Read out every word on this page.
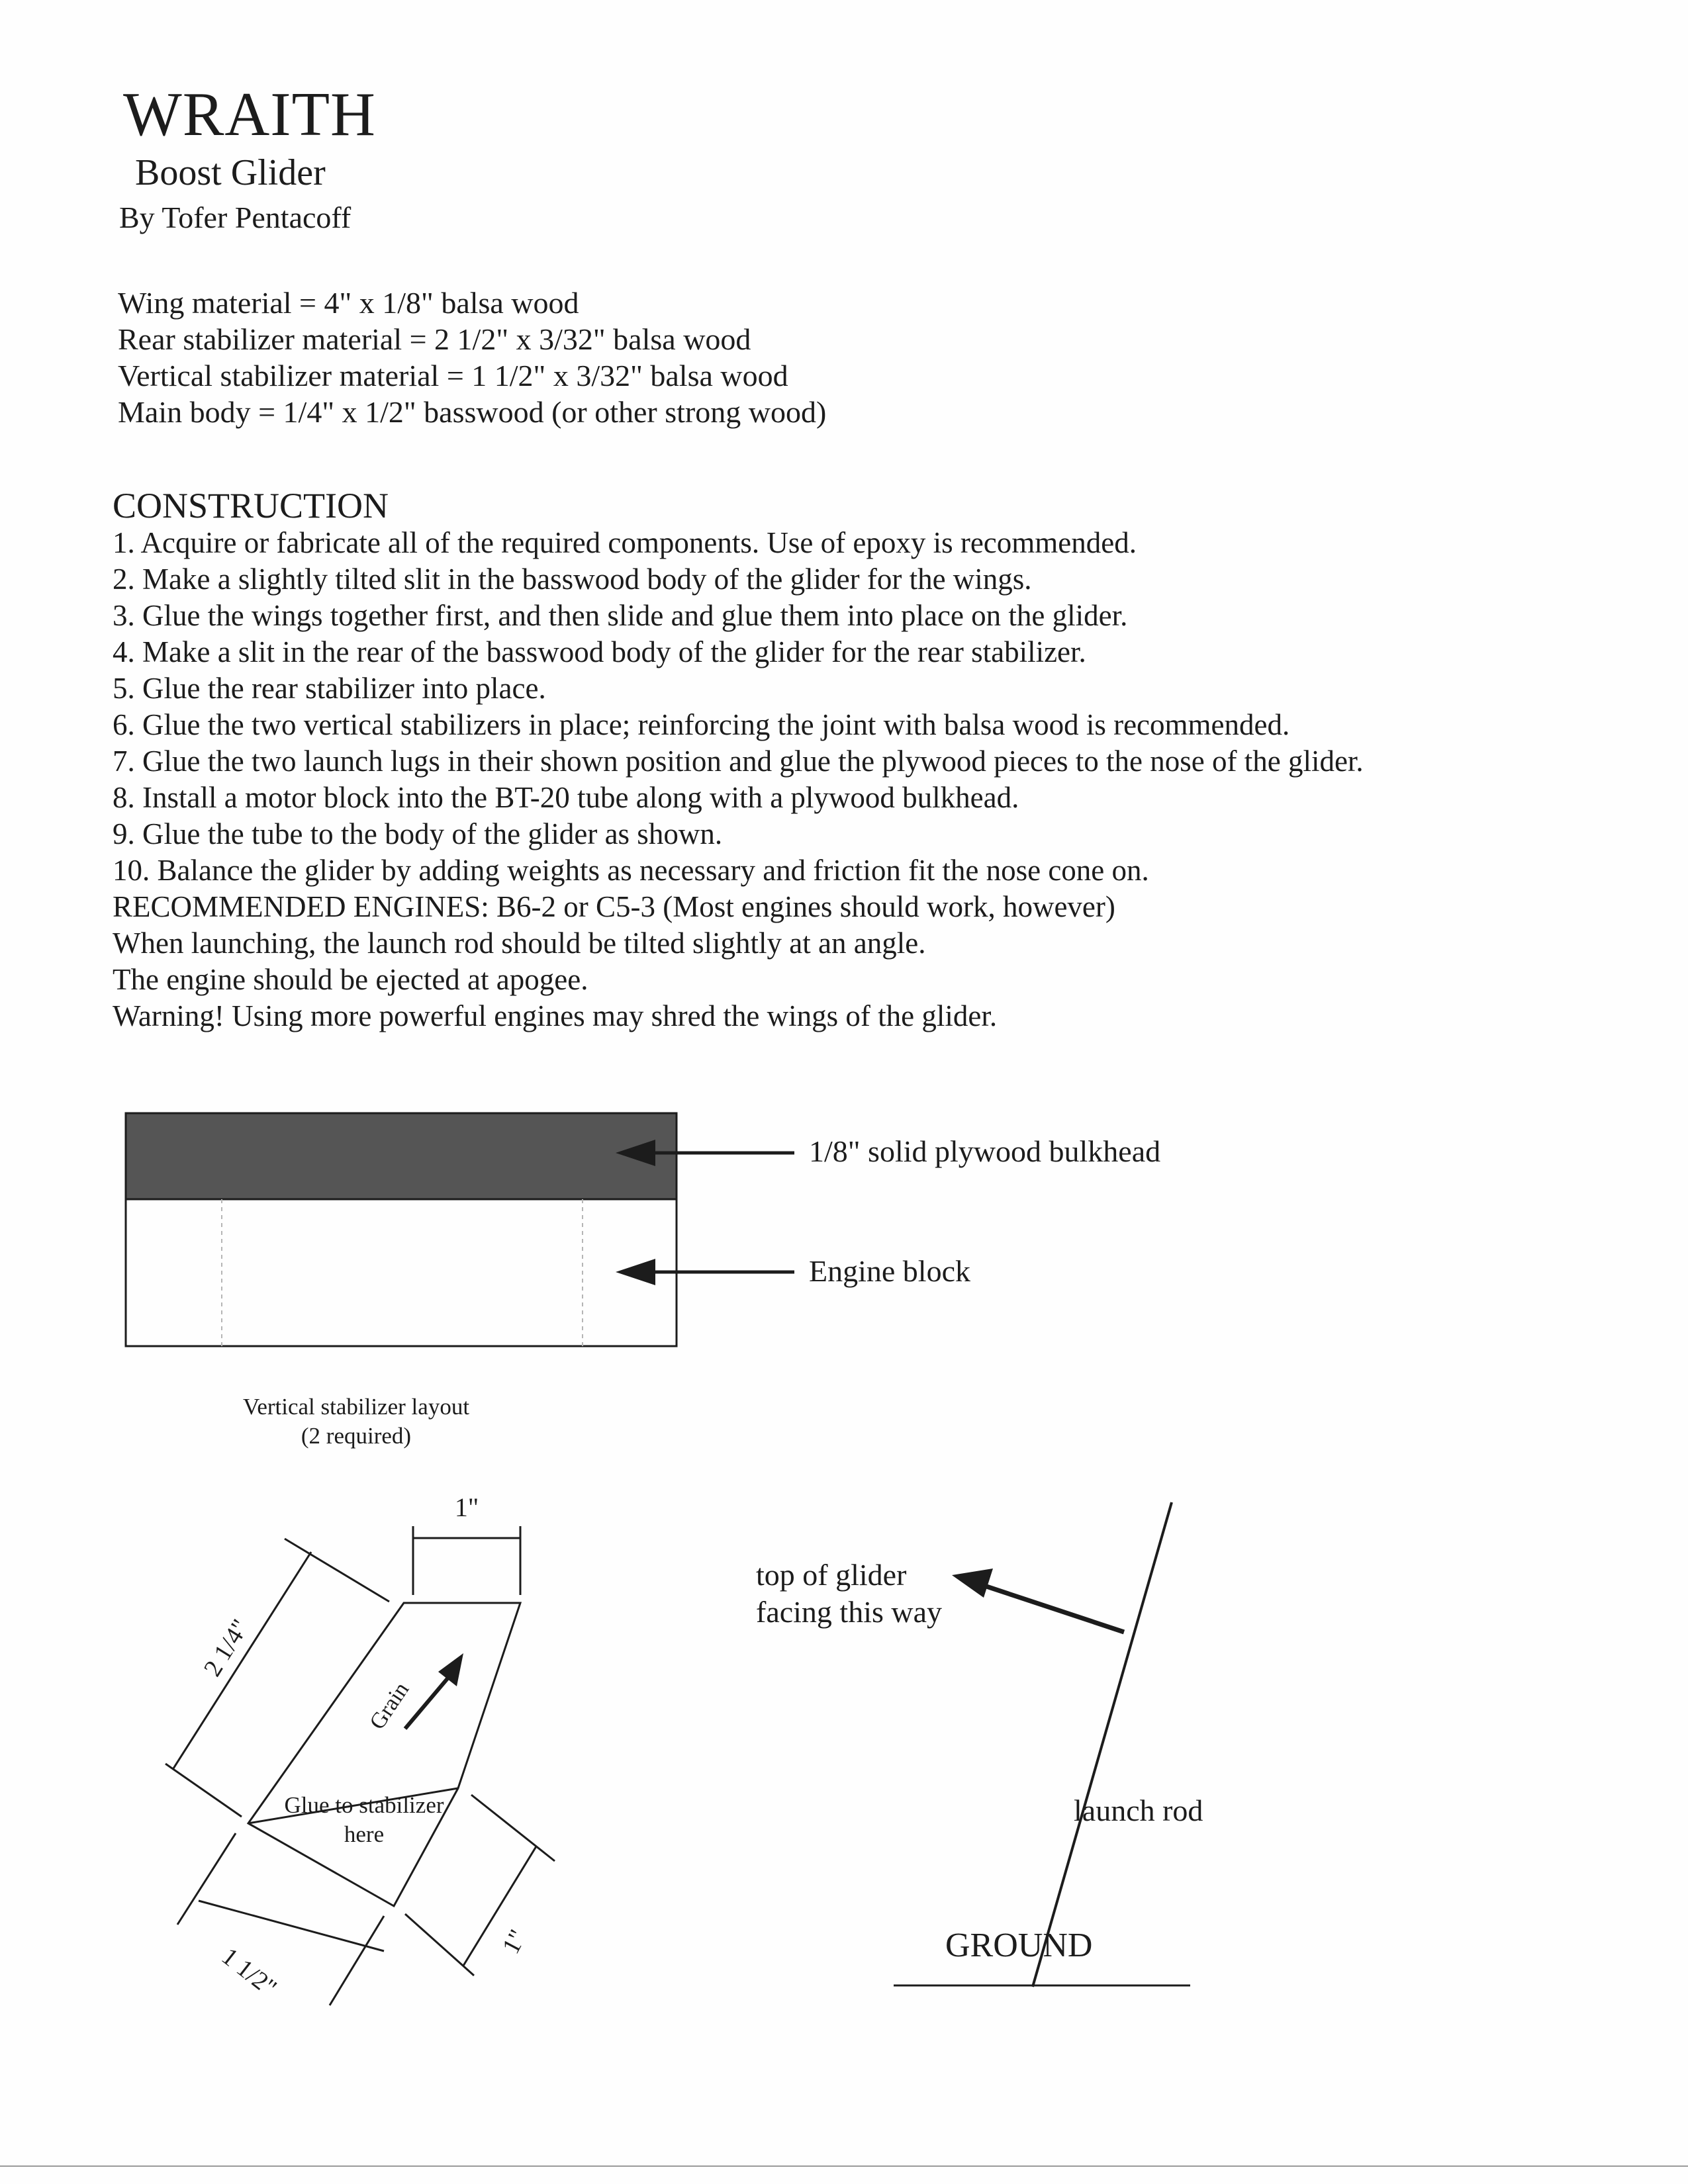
WRAITH
Boost Glider
By Tofer Pentacoff
Wing material = 4" x 1/8" balsa wood
Rear stabilizer material = 2 1/2" x 3/32" balsa wood
Vertical stabilizer material = 1 1/2" x 3/32" balsa wood
Main body = 1/4" x 1/2" basswood (or other strong wood)
CONSTRUCTION
1. Acquire or fabricate all of the required components. Use of epoxy is recommended.
2. Make a slightly tilted slit in the basswood body of the glider for the wings.
3. Glue the wings together first, and then slide and glue them into place on the glider.
4. Make a slit in the rear of the basswood body of the glider for the rear stabilizer.
5. Glue the rear stabilizer into place.
6. Glue the two vertical stabilizers in place; reinforcing the joint with balsa wood is recommended.
7. Glue the two launch lugs in their shown position and glue the plywood pieces to the nose of the glider.
8. Install a motor block into the BT-20 tube along with a plywood bulkhead.
9. Glue the tube to the body of the glider as shown.
10. Balance the glider by adding weights as necessary and friction fit the nose cone on.
RECOMMENDED ENGINES: B6-2 or C5-3 (Most engines should work, however)
When launching, the launch rod should be tilted slightly at an angle.
The engine should be ejected at apogee.
Warning! Using more powerful engines may shred the wings of the glider.
1/8" solid plywood bulkhead
Engine block
Vertical stabilizer layout
(2 required)
1"
2 1/4"
1 1/2"
1"
Grain
Glue to stabilizer
here
top of glider
facing this way
launch rod
GROUND
